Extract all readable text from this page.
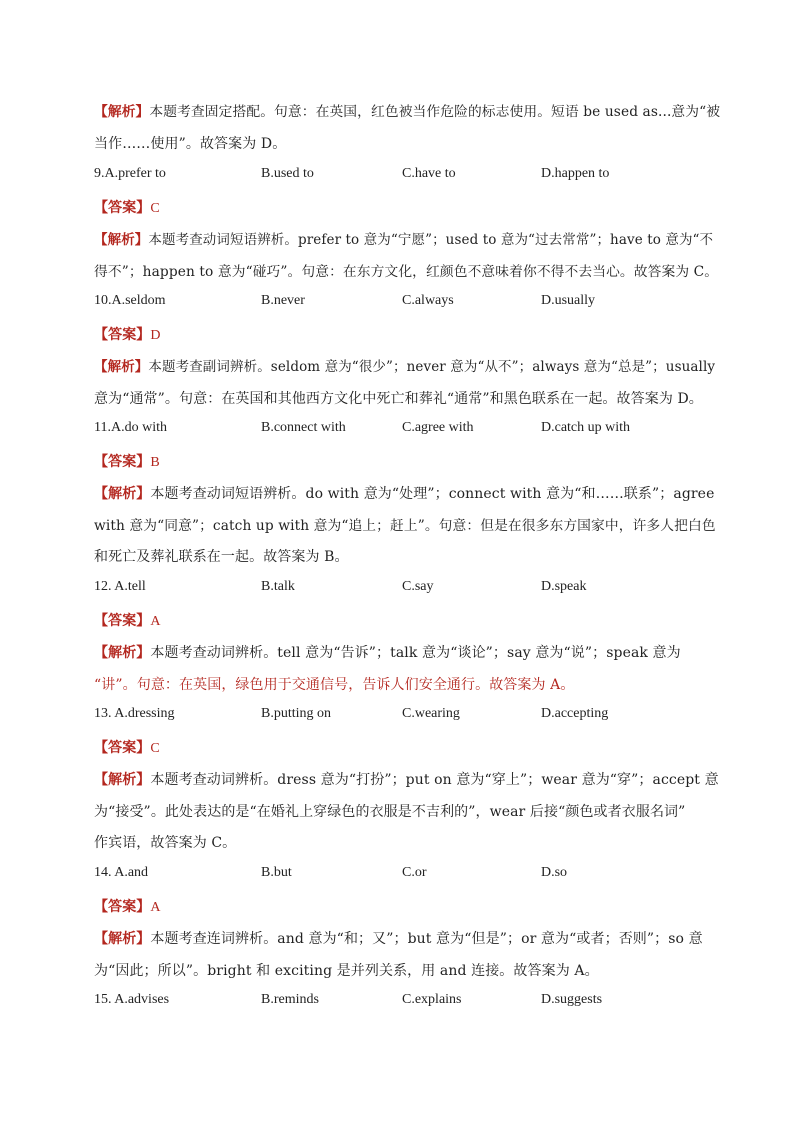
【解析】本题考查固定搭配。句意：在英国，红色被当作危险的标志使用。短语 be used as...意为“被
当作……使用”。故答案为 D。
9.A.prefer to	B.used to	C.have to	D.happen to
【答案】C
【解析】本题考查动词短语辨析。prefer to 意为“宁愿”；used to 意为“过去常常”；have to 意为“不
得不”；happen to 意为“碰巧”。句意：在东方文化，红颜色不意味着你不得不去当心。故答案为 C。
10.A.seldom	B.never	C.always	D.usually
【答案】D
【解析】本题考查副词辨析。seldom 意为“很少”；never 意为“从不”；always 意为“总是”；usually
意为“通常”。句意：在英国和其他西方文化中死亡和葬礼“通常”和黑色联系在一起。故答案为 D。
11.A.do with	B.connect with	C.agree with	D.catch up with
【答案】B
【解析】本题考查动词短语辨析。do with 意为“处理”；connect with 意为“和……联系”；agree
with 意为“同意”；catch up with 意为“追上；赶上”。句意：但是在很多东方国家中，许多人把白色
和死亡及葬礼联系在一起。故答案为 B。
12. A.tell	B.talk	C.say	D.speak
【答案】A
【解析】本题考查动词辨析。tell 意为“告诉”；talk 意为“谈论”；say 意为“说”；speak 意为
“讲”。句意：在英国，绿色用于交通信号，告诉人们安全通行。故答案为 A。
13. A.dressing	B.putting on	C.wearing	D.accepting
【答案】C
【解析】本题考查动词辨析。dress 意为“打扮”；put on 意为“穿上”；wear 意为“穿”；accept 意
为“接受”。此处表达的是“在婚礼上穿绿色的衣服是不吉利的”，wear 后接“颜色或者衣服名词”
作宾语，故答案为 C。
14. A.and	B.but	C.or	D.so
【答案】A
【解析】本题考查连词辨析。and 意为“和；又”；but 意为“但是”；or 意为“或者；否则”；so 意
为“因此；所以”。bright 和 exciting 是并列关系，用 and 连接。故答案为 A。
15. A.advises	B.reminds	C.explains	D.suggests
